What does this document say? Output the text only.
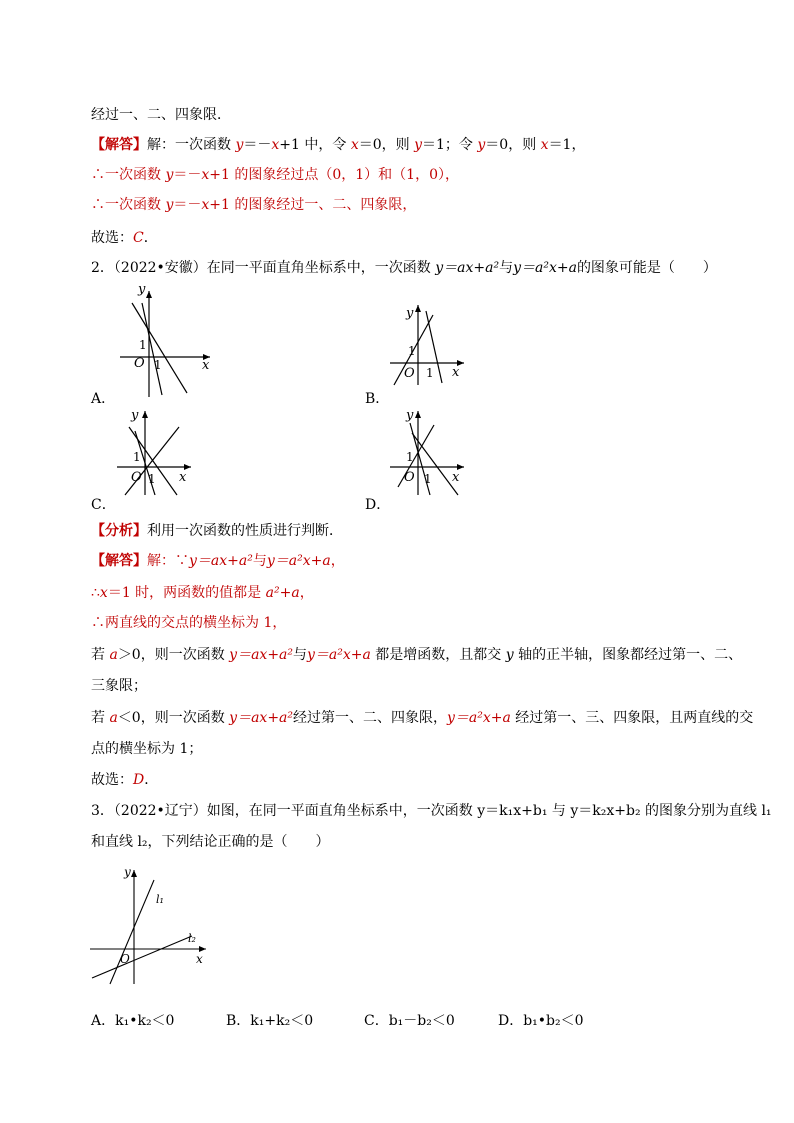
经过一、二、四象限．
【解答】解：一次函数 y＝－x+1 中，令 x＝0，则 y＝1；令 y＝0，则 x＝1，
∴一次函数 y＝－x+1 的图象经过点（0，1）和（1，0），
∴一次函数 y＝－x+1 的图象经过一、二、四象限，
故选：C．
2．（2022•安徽）在同一平面直角坐标系中，一次函数 y＝ax+a²与y＝a²x+a的图象可能是（　　）
y
x
O
1
1
A．
y
x
O
1
1
B．
y
x
O
1
1
C．
y
x
O
1
1
D．
【分析】利用一次函数的性质进行判断．
【解答】解：∵y＝ax+a²与y＝a²x+a，
∴x＝1 时，两函数的值都是 a²+a，
∴两直线的交点的横坐标为 1，
若 a＞0，则一次函数 y＝ax+a²与y＝a²x+a 都是增函数，且都交 y 轴的正半轴，图象都经过第一、二、
三象限；
若 a＜0，则一次函数 y＝ax+a²经过第一、二、四象限，y＝a²x+a 经过第一、三、四象限，且两直线的交
点的横坐标为 1；
故选：D．
3．（2022•辽宁）如图，在同一平面直角坐标系中，一次函数 y＝k₁x+b₁ 与 y＝k₂x+b₂ 的图象分别为直线 l₁
和直线 l₂，下列结论正确的是（　　）
y
x
O
l₁
l₂
A．k₁•k₂＜0	B．k₁+k₂＜0	C．b₁－b₂＜0	D．b₁•b₂＜0
